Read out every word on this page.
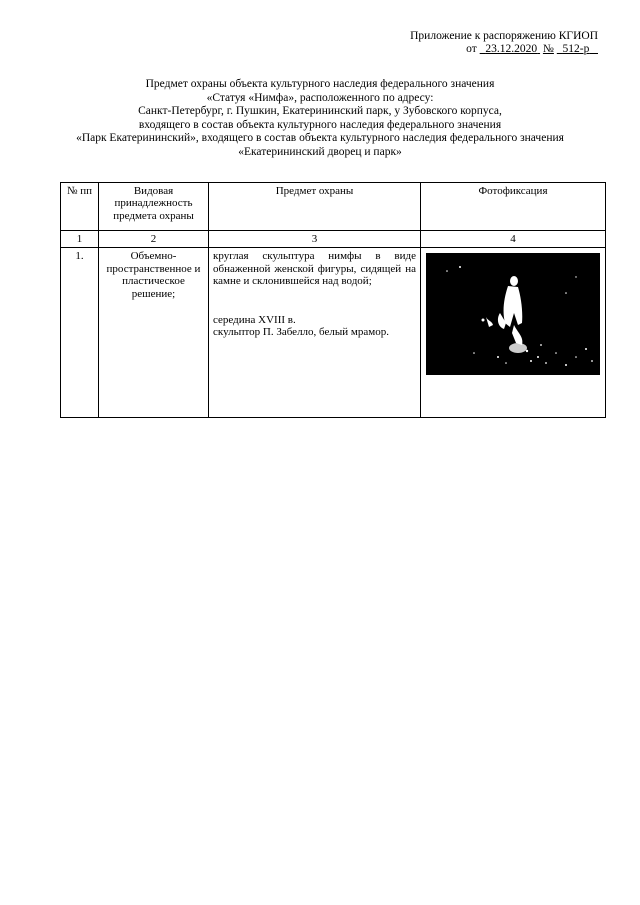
Приложение к распоряжению КГИОП
от 23.12.2020 № 512-р
Предмет охраны объекта культурного наследия федерального значения
«Статуя «Нимфа», расположенного по адресу:
Санкт-Петербург, г. Пушкин, Екатерининский парк, у Зубовского корпуса,
входящего в состав объекта культурного наследия федерального значения
«Парк Екатерининский», входящего в состав объекта культурного наследия федерального значения
«Екатерининский дворец и парк»
№ пп	Видовая принадлежность предмета охраны	Предмет охраны	Фотофиксация
1	2	3	4
1.	Объемно-пространственное и пластическое решение;	круглая скульптура нимфы в виде обнаженной женской фигуры, сидящей на камне и склонившейся над водой;
середина XVIII в.
скульптор П. Забелло, белый мрамор.
